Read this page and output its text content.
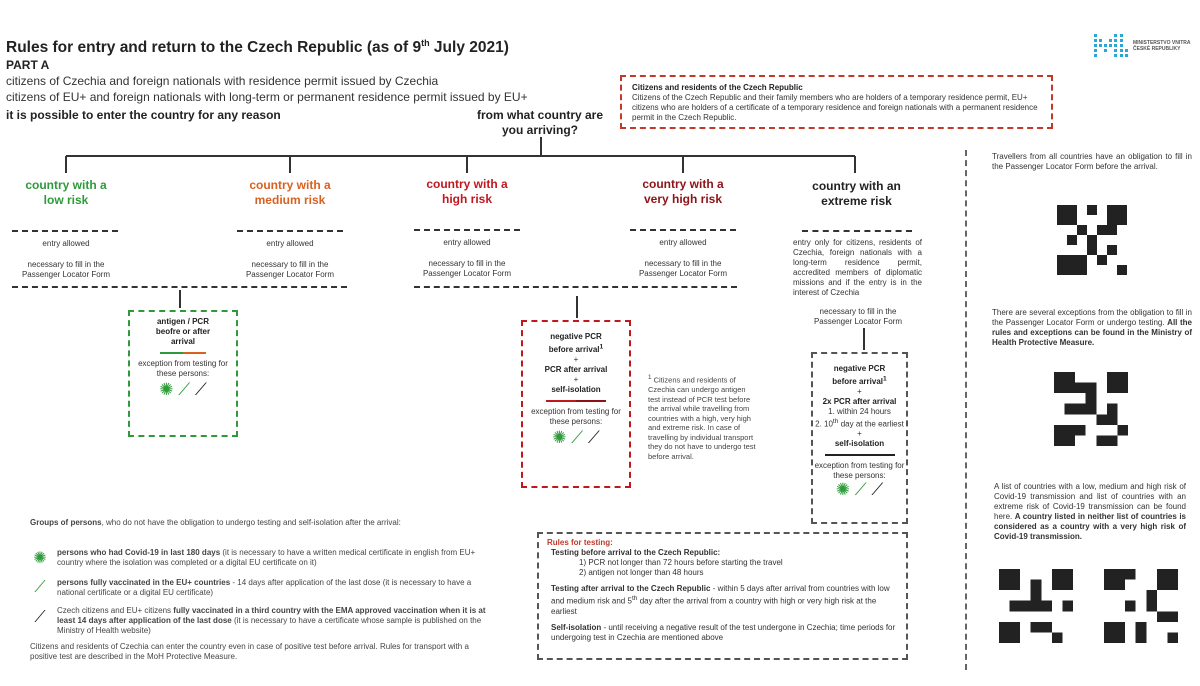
Rules for entry and return to the Czech Republic (as of 9th July 2021)
PART A
citizens of Czechia and foreign nationals with residence permit issued by Czechia
citizens of EU+ and foreign nationals with long-term or permanent residence permit issued by EU+
it is possible to enter the country for any reason	from what country are you arriving?
MINISTERSTVO VNITRA
ČESKÉ REPUBLIKY
Citizens and residents of the Czech Republic
Citizens of the Czech Republic and their family members who are holders of a temporary residence permit, EU+ citizens who are holders of a certificate of a temporary residence and foreign nationals with a permanent residence permit in the Czech Republic.
country with a
low risk
country with a
medium risk
country with a
high risk
country with a
very high risk
country with an
extreme risk
entry allowed
necessary to fill in the Passenger Locator Form
entry allowed
necessary to fill in the Passenger Locator Form
entry allowed
necessary to fill in the Passenger Locator Form
entry allowed
necessary to fill in the Passenger Locator Form
entry only for citizens, residents of Czechia, foreign nationals with a long-term residence permit, accredited members of diplomatic missions and if the entry is in the interest of Czechia
necessary to fill in the Passenger Locator Form
antigen / PCR
beofre or after
arrival
exception from testing for these persons:
✺ ⟋ ⟋
negative PCR
before arrival$^1$
+
PCR after arrival
+
self-isolation
exception from testing for these persons:
✺ ⟋ ⟋
$^1$ Citizens and residents of Czechia can undergo antigen test instead of PCR test before the arrival while travelling from countries with a high, very high and extreme risk. In case of travelling by individual transport they do not have to undergo test before arrival.
negative PCR
before arrival$^1$
+
2x PCR after arrival
1. within 24 hours
2. 10th day at the earliest
+
self-isolation
exception from testing for these persons:
✺ ⟋ ⟋
Groups of persons, who do not have the obligation to undergo testing and self-isolation after the arrival:
✺	persons who had Covid-19 in last 180 days (it is necessary to have a written medical certificate in english from EU+ country where the isolation was completed or a digital EU certificate on it)
⟋	persons fully vaccinated in the EU+ countries - 14 days after application of the last dose (it is necessary to have a national certificate or a digital EU certificate)
⟋	Czech citizens and EU+ citizens fully vaccinated in a third country with the EMA approved vaccination when it is at least 14 days after application of the last dose (it is necessary to have a certificate whose sample is published on the Ministry of Health website)
Citizens and residents of Czechia can enter the country even in case of positive test before arrival. Rules for transport with a positive test are described in the MoH Protective Measure.
Rules for testing:
Testing before arrival to the Czech Republic:
1) PCR not longer than 72 hours before starting the travel
2) antigen not longer than 48 hours
Testing after arrival to the Czech Republic - within 5 days after arrival from countries with low and medium risk and 5th day after the arrival from a country with high or very high risk at the earliest
Self-isolation - until receiving a negative result of the test undergone in Czechia; time periods for undergoing test in Czechia are mentioned above
Travellers from all countries have an obligation to fill in the Passenger Locator Form before the arrival.
There are several exceptions from the obligation to fill in the Passenger Locator Form or undergo testing. All the rules and exceptions can be found in the Ministry of Health Protective Measure.
A list of countries with a low, medium and high risk of Covid-19 transmission and list of countries with an extreme risk of Covid-19 transmission can be found here. A country listed in neither list of countries is considered as a country with a very high risk of Covid-19 transmission.
